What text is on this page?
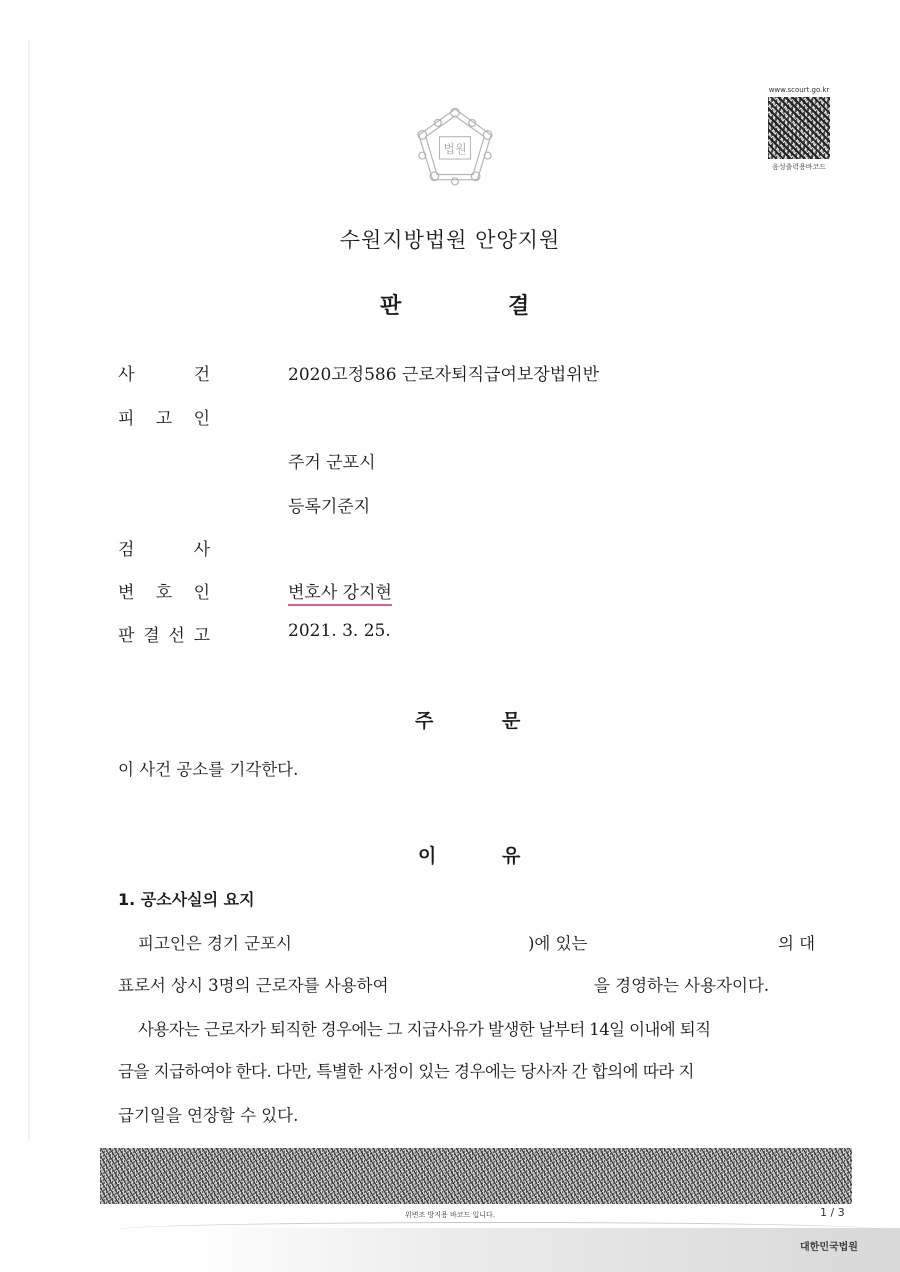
법원
www.scourt.go.kr
음성출력용바코드
수원지방법원 안양지원
판	결
사	건	2020고정586 근로자퇴직급여보장법위반
피 고 인
주거 군포시
등록기준지
검	사
변 호 인	변호사 강지현
판 결 선 고	2021. 3. 25.
주	문
이 사건 공소를 기각한다.
이	유
1. 공소사실의 요지
피고인은 경기 군포시	)에 있는	의 대
표로서 상시 3명의 근로자를 사용하여	을 경영하는 사용자이다.
사용자는 근로자가 퇴직한 경우에는 그 지급사유가 발생한 날부터 14일 이내에 퇴직
금을 지급하여야 한다. 다만, 특별한 사정이 있는 경우에는 당사자 간 합의에 따라 지
급기일을 연장할 수 있다.
위변조 방지용 바코드 입니다.	1 / 3
대한민국법원
